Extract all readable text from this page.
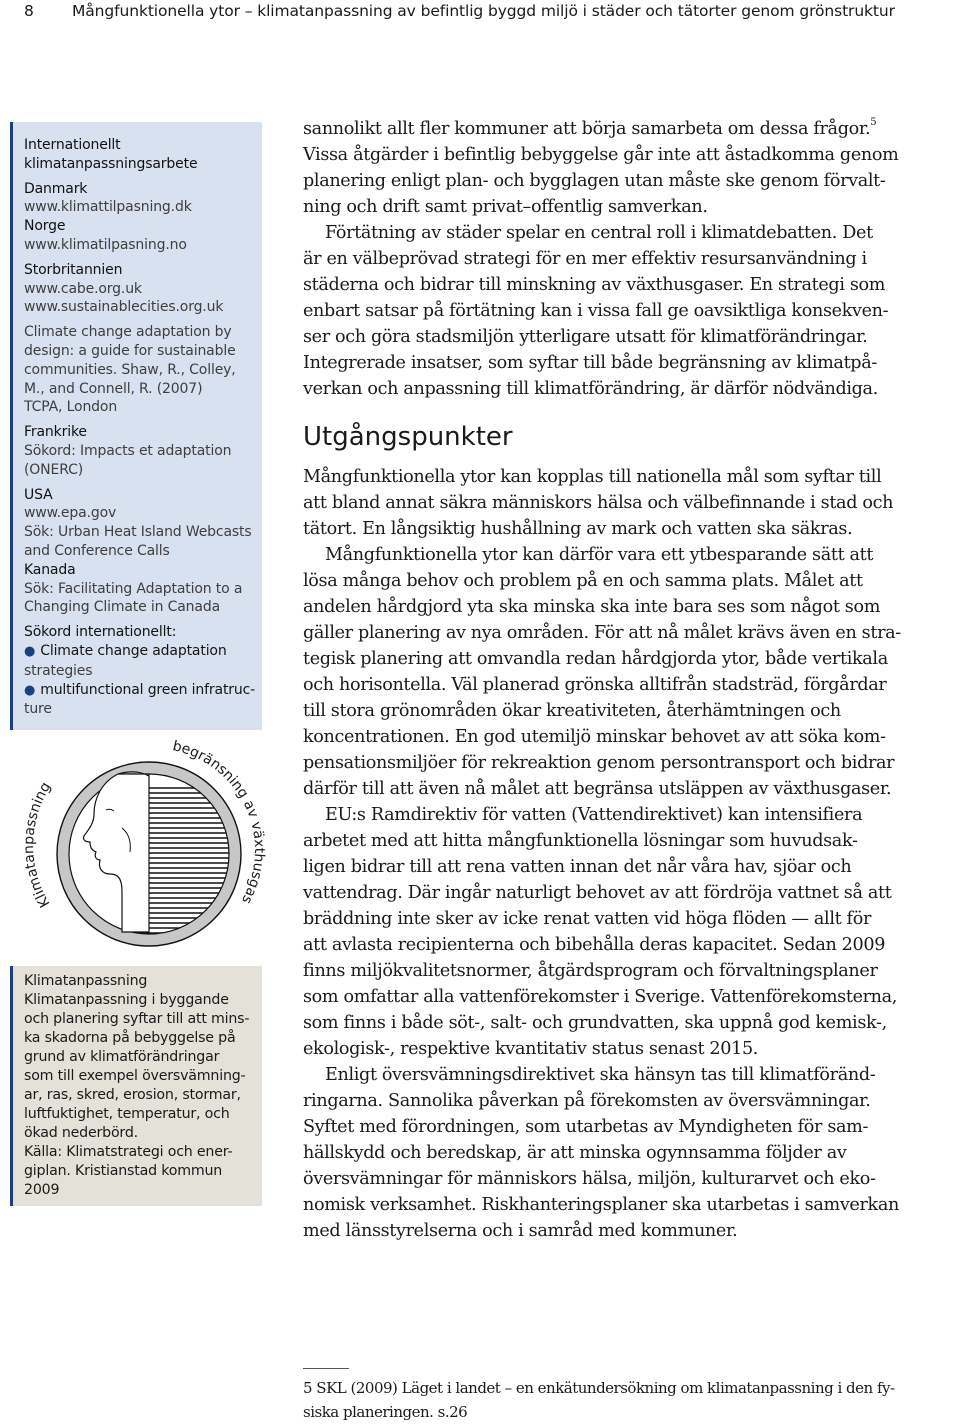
8 Mångfunktionella ytor – klimatanpassning av befintlig byggd miljö i städer och tätorter genom grönstruktur
Internationellt
klimatanpassningsarbete
Danmark
www.klimattilpasning.dk
Norge
www.klimatilpasning.no
Storbritannien
www.cabe.org.uk
www.sustainablecities.org.uk
Climate change adaptation by
design: a guide for sustainable
communities. Shaw, R., Colley,
M., and Connell, R. (2007)
TCPA, London
Frankrike
Sökord: Impacts et adaptation
(ONERC)
USA
www.epa.gov
Sök: Urban Heat Island Webcasts
and Conference Calls
Kanada
Sök: Facilitating Adaptation to a
Changing Climate in Canada
Sökord internationellt:
● Climate change adaptation
strategies
● multifunctional green infratruc-
ture
Klimatanpassning
begränsning av växthusgas
Klimatanpassning
Klimatanpassning i byggande
och planering syftar till att mins-
ka skadorna på bebyggelse på
grund av klimatförändringar
som till exempel översvämning-
ar, ras, skred, erosion, stormar,
luftfuktighet, temperatur, och
ökad nederbörd.
Källa: Klimatstrategi och ener-
giplan. Kristianstad kommun
2009
sannolikt allt fler kommuner att börja samarbeta om dessa frågor.$^5$
Vissa åtgärder i befintlig bebyggelse går inte att åstadkomma genom
planering enligt plan- och bygglagen utan måste ske genom förvalt-
ning och drift samt privat–offentlig samverkan.
Förtätning av städer spelar en central roll i klimatdebatten. Det
är en välbeprövad strategi för en mer effektiv resursanvändning i
städerna och bidrar till minskning av växthusgaser. En strategi som
enbart satsar på förtätning kan i vissa fall ge oavsiktliga konsekven-
ser och göra stadsmiljön ytterligare utsatt för klimatförändringar.
Integrerade insatser, som syftar till både begränsning av klimatpå-
verkan och anpassning till klimatförändring, är därför nödvändiga.
Utgångspunkter
Mångfunktionella ytor kan kopplas till nationella mål som syftar till
att bland annat säkra människors hälsa och välbefinnande i stad och
tätort. En långsiktig hushållning av mark och vatten ska säkras.
Mångfunktionella ytor kan därför vara ett ytbesparande sätt att
lösa många behov och problem på en och samma plats. Målet att
andelen hårdgjord yta ska minska ska inte bara ses som något som
gäller planering av nya områden. För att nå målet krävs även en stra-
tegisk planering att omvandla redan hårdgjorda ytor, både vertikala
och horisontella. Väl planerad grönska alltifrån stadsträd, förgårdar
till stora grönområden ökar kreativiteten, återhämtningen och
koncentrationen. En god utemiljö minskar behovet av att söka kom-
pensationsmiljöer för rekreaktion genom persontransport och bidrar
därför till att även nå målet att begränsa utsläppen av växthusgaser.
EU:s Ramdirektiv för vatten (Vattendirektivet) kan intensifiera
arbetet med att hitta mångfunktionella lösningar som huvudsak-
ligen bidrar till att rena vatten innan det når våra hav, sjöar och
vattendrag. Där ingår naturligt behovet av att fördröja vattnet så att
bräddning inte sker av icke renat vatten vid höga flöden — allt för
att avlasta recipienterna och bibehålla deras kapacitet. Sedan 2009
finns miljökvalitetsnormer, åtgärdsprogram och förvaltningsplaner
som omfattar alla vattenförekomster i Sverige. Vattenförekomsterna,
som finns i både söt-, salt- och grundvatten, ska uppnå god kemisk-,
ekologisk-, respektive kvantitativ status senast 2015.
Enligt översvämningsdirektivet ska hänsyn tas till klimatföränd-
ringarna. Sannolika påverkan på förekomsten av översvämningar.
Syftet med förordningen, som utarbetas av Myndigheten för sam-
hällskydd och beredskap, är att minska ogynnsamma följder av
översvämningar för människors hälsa, miljön, kulturarvet och eko-
nomisk verksamhet. Riskhanteringsplaner ska utarbetas i samverkan
med länsstyrelserna och i samråd med kommuner.
5 SKL (2009) Läget i landet – en enkätundersökning om klimatanpassning i den fy-
siska planeringen. s.26
